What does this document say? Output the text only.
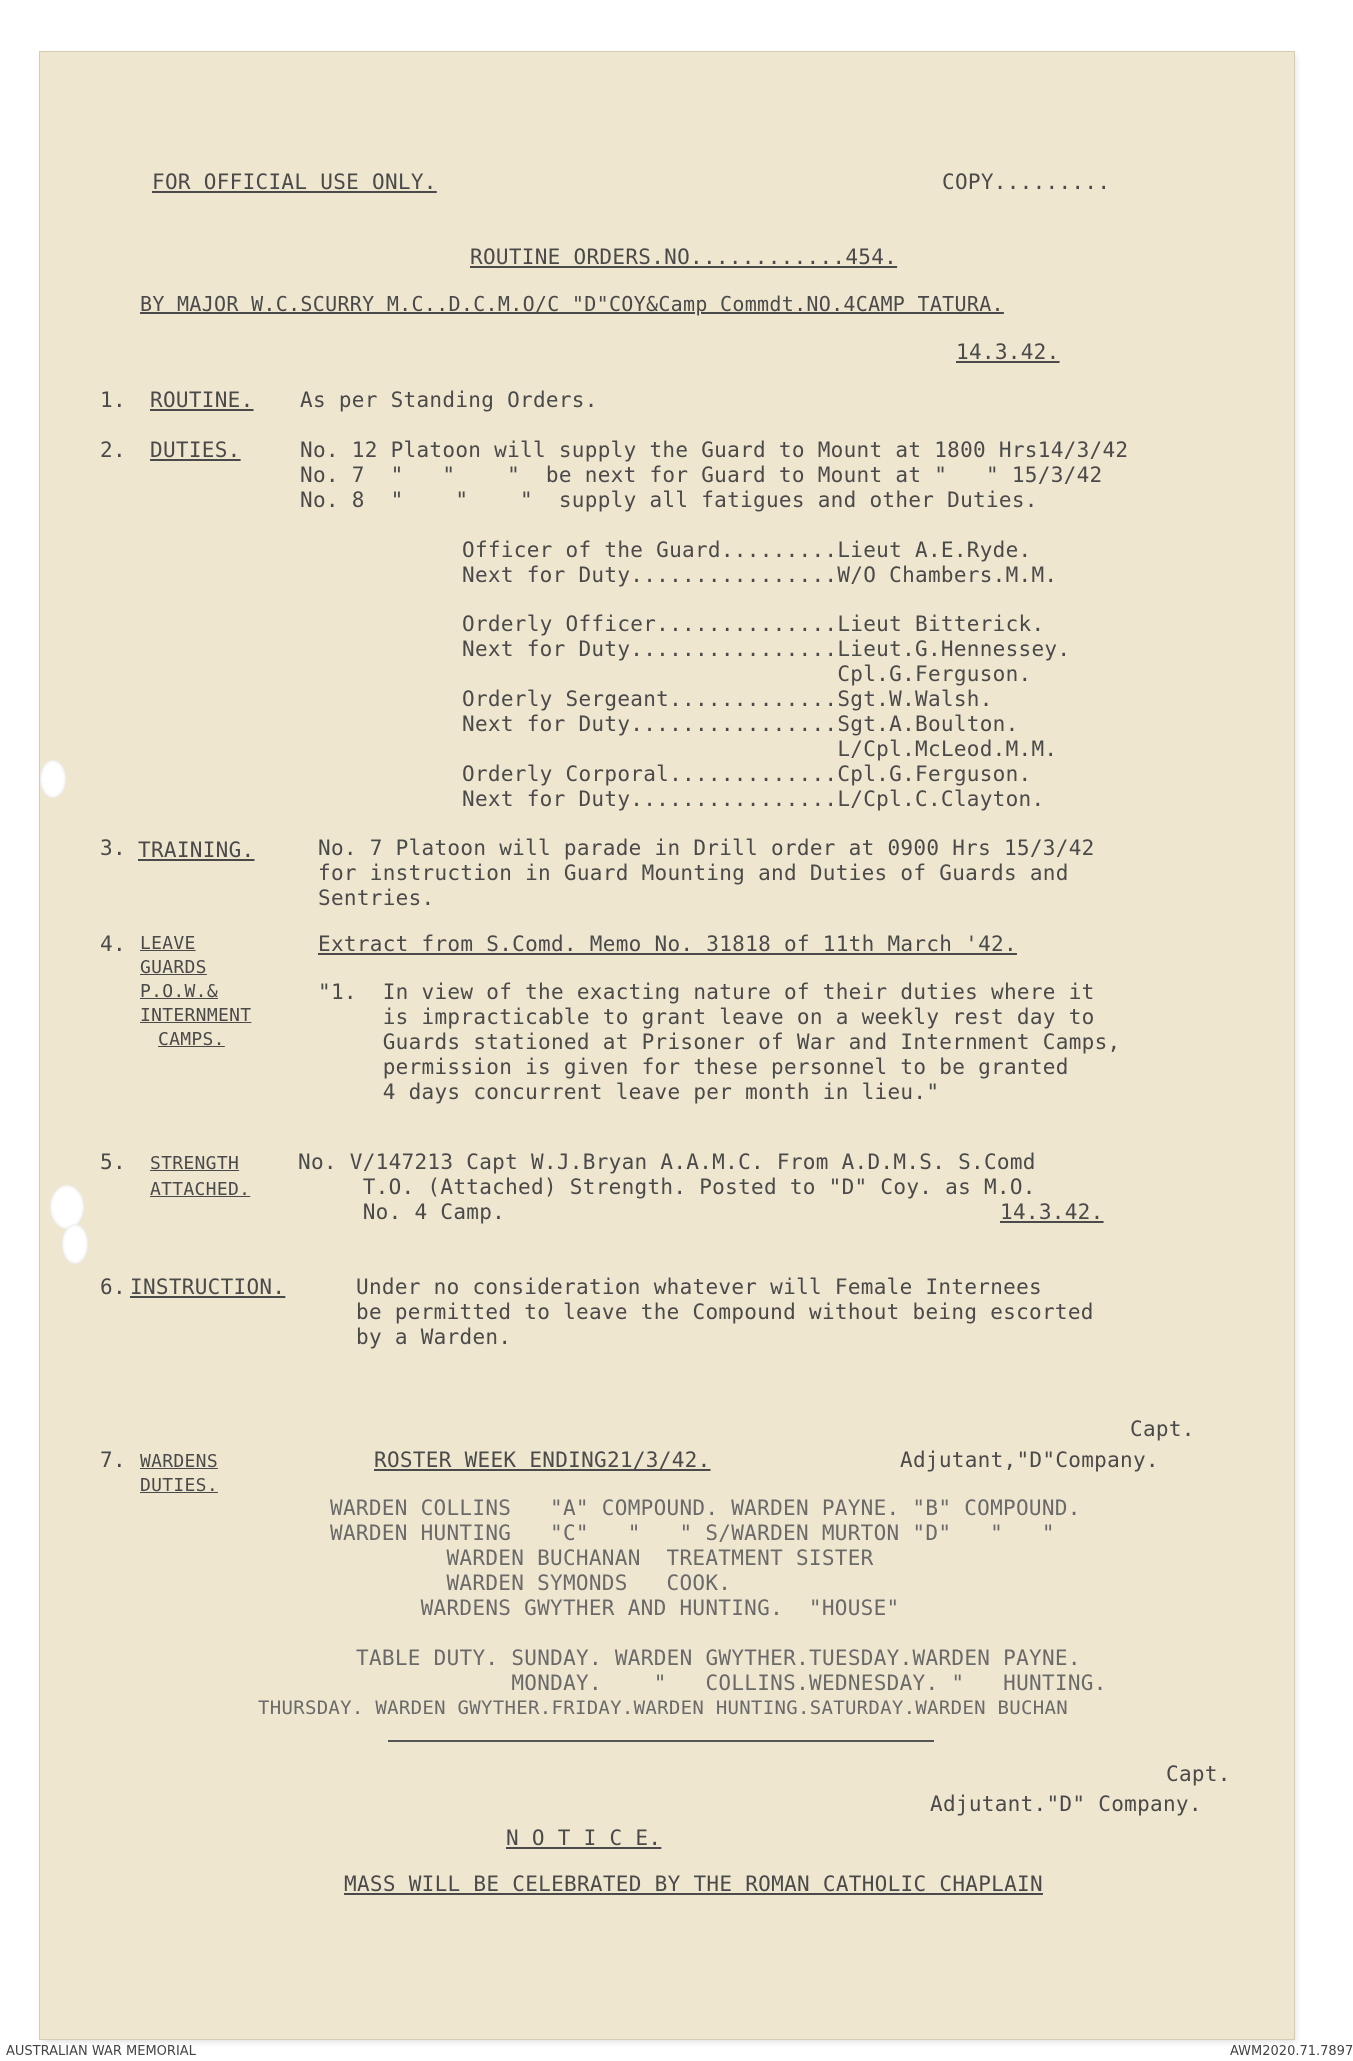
FOR OFFICIAL USE ONLY.	COPY.........
ROUTINE ORDERS.NO............454.
BY MAJOR W.C.SCURRY M.C..D.C.M.O/C "D"COY&Camp Commdt.NO.4CAMP TATURA.
14.3.42.
1. ROUTINE. As per Standing Orders.
2. DUTIES.	No. 12 Platoon will supply the Guard to Mount at 1800 Hrs14/3/42
No. 7  "   "    "  be next for Guard to Mount at "   " 15/3/42
No. 8  "    "    "  supply all fatigues and other Duties.
Officer of the Guard.........Lieut A.E.Ryde.
Next for Duty................W/O Chambers.M.M.
Orderly Officer..............Lieut Bitterick.
Next for Duty................Lieut.G.Hennessey.
Cpl.G.Ferguson.
Orderly Sergeant.............Sgt.W.Walsh.
Next for Duty................Sgt.A.Boulton.
L/Cpl.McLeod.M.M.
Orderly Corporal.............Cpl.G.Ferguson.
Next for Duty................L/Cpl.C.Clayton.
3. TRAINING.	No. 7 Platoon will parade in Drill order at 0900 Hrs 15/3/42
for instruction in Guard Mounting and Duties of Guards and
Sentries.
4. LEAVE
GUARDS
P.O.W.&
INTERNMENT
CAMPS.
Extract from S.Comd. Memo No. 31818 of 11th March '42.
"1.  In view of the exacting nature of their duties where it
is impracticable to grant leave on a weekly rest day to
Guards stationed at Prisoner of War and Internment Camps,
permission is given for these personnel to be granted
4 days concurrent leave per month in lieu."
5. STRENGTH
ATTACHED.
No. V/147213 Capt W.J.Bryan A.A.M.C. From A.D.M.S. S.Comd
T.O. (Attached) Strength. Posted to "D" Coy. as M.O.
No. 4 Camp.	14.3.42.
6. INSTRUCTION.	Under no consideration whatever will Female Internees
be permitted to leave the Compound without being escorted
by a Warden.
Capt.
7. WARDENS
DUTIES.
ROSTER WEEK ENDING21/3/42.	Adjutant,"D"Company.
WARDEN COLLINS   "A" COMPOUND. WARDEN PAYNE. "B" COMPOUND.
WARDEN HUNTING   "C"   "   " S/WARDEN MURTON "D"   "   "
WARDEN BUCHANAN  TREATMENT SISTER
WARDEN SYMONDS   COOK.
WARDENS GWYTHER AND HUNTING.  "HOUSE"
TABLE DUTY. SUNDAY. WARDEN GWYTHER.TUESDAY.WARDEN PAYNE.
MONDAY.    "   COLLINS.WEDNESDAY. "   HUNTING.
THURSDAY. WARDEN GWYTHER.FRIDAY.WARDEN HUNTING.SATURDAY.WARDEN BUCHAN
Capt.
Adjutant."D" Company.
N O T I C E.
MASS WILL BE CELEBRATED BY THE ROMAN CATHOLIC CHAPLAIN
AUSTRALIAN WAR MEMORIAL	AWM2020.71.7897
